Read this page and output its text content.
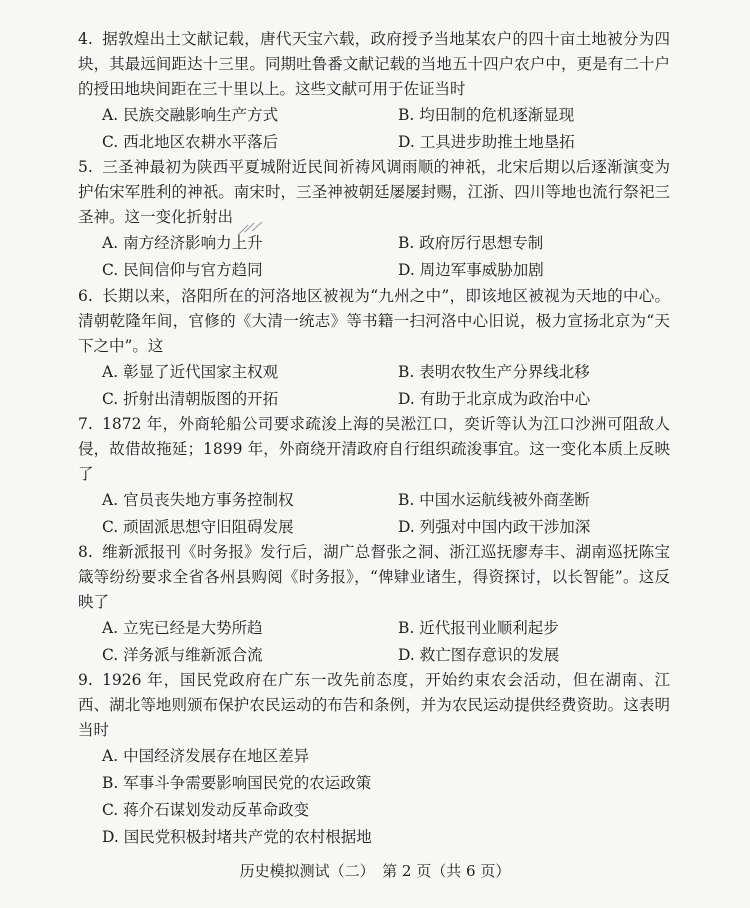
4. 据敦煌出土文献记载，唐代天宝六载，政府授予当地某农户的四十亩土地被分为四块，其最远间距达十三里。同期吐鲁番文献记载的当地五十四户农户中，更是有二十户的授田地块间距在三十里以上。这些文献可用于佐证当时

A. 民族交融影响生产方式	B. 均田制的危机逐渐显现
C. 西北地区农耕水平落后	D. 工具进步助推土地垦拓

5. 三圣神最初为陕西平夏城附近民间祈祷风调雨顺的神祇，北宋后期以后逐渐演变为护佑宋军胜利的神祇。南宋时，三圣神被朝廷屡屡封赐，江浙、四川等地也流行祭祀三圣神。这一变化折射出

A. 南方经济影响力上升	B. 政府厉行思想专制
C. 民间信仰与官方趋同	D. 周边军事威胁加剧

6. 长期以来，洛阳所在的河洛地区被视为“九州之中”，即该地区被视为天地的中心。清朝乾隆年间，官修的《大清一统志》等书籍一扫河洛中心旧说，极力宣扬北京为“天下之中”。这

A. 彰显了近代国家主权观	B. 表明农牧生产分界线北移
C. 折射出清朝版图的开拓	D. 有助于北京成为政治中心

7. 1872 年，外商轮船公司要求疏浚上海的吴淞江口，奕䜣等认为江口沙洲可阻敌人侵，故借故拖延；1899 年，外商绕开清政府自行组织疏浚事宜。这一变化本质上反映了

A. 官员丧失地方事务控制权	B. 中国水运航线被外商垄断
C. 顽固派思想守旧阻碍发展	D. 列强对中国内政干涉加深

8. 维新派报刊《时务报》发行后，湖广总督张之洞、浙江巡抚廖寿丰、湖南巡抚陈宝箴等纷纷要求全省各州县购阅《时务报》，“俾肄业诸生，得资探讨，以长智能”。这反映了

A. 立宪已经是大势所趋	B. 近代报刊业顺利起步
C. 洋务派与维新派合流	D. 救亡图存意识的发展

9. 1926 年，国民党政府在广东一改先前态度，开始约束农会活动，但在湖南、江西、湖北等地则颁布保护农民运动的布告和条例，并为农民运动提供经费资助。这表明当时

A. 中国经济发展存在地区差异
B. 军事斗争需要影响国民党的农运政策
C. 蒋介石谋划发动反革命政变
D. 国民党积极封堵共产党的农村根据地
历史模拟测试（二）　第 2 页（共 6 页）
